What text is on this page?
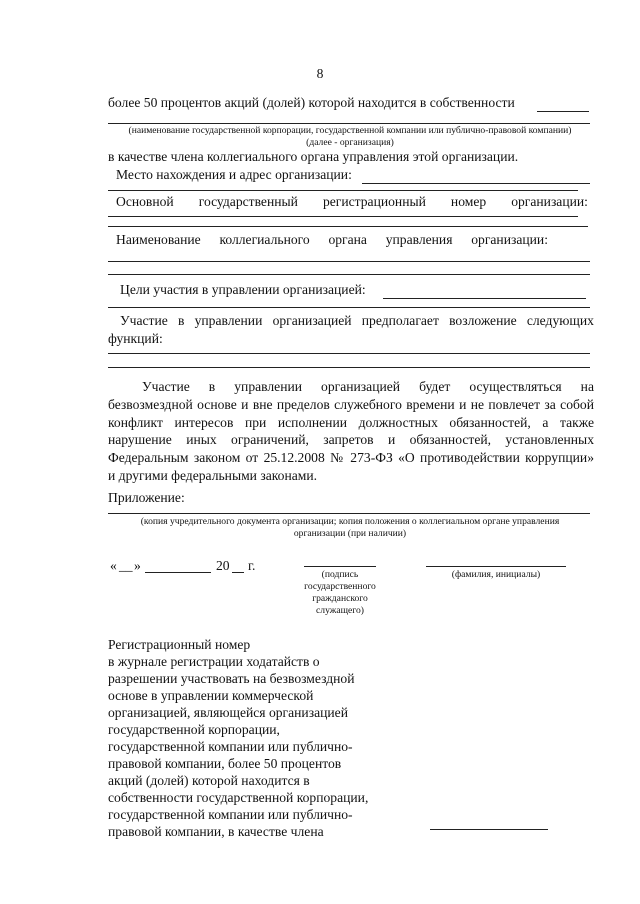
8
более 50 процентов акций (долей) которой находится в собственности
(наименование государственной корпорации, государственной компании или публично-правовой компании)
(далее - организация)
в качестве члена коллегиального органа управления этой организации.
Место нахождения и адрес организации:
Основной государственный регистрационный номер организации:
Наименование коллегиального органа управления организации:
Цели участия в управлении организацией:
Участие в управлении организацией предполагает возложение следующих
функций:
Участие в управлении организацией будет осуществляться на
безвозмездной основе и вне пределов служебного времени и не повлечет за собой
конфликт интересов при исполнении должностных обязанностей, а также
нарушение иных ограничений, запретов и обязанностей, установленных
Федеральным законом от 25.12.2008 № 273-ФЗ «О противодействии коррупции»
и другими федеральными законами.
Приложение:
(копия учредительного документа организации; копия положения о коллегиальном органе управления
организации (при наличии)
« __ »	20 г.
(подпись
государственного
гражданского
служащего)
(фамилия, инициалы)
Регистрационный номер
в журнале регистрации ходатайств о
разрешении участвовать на безвозмездной
основе в управлении коммерческой
организацией, являющейся организацией
государственной корпорации,
государственной компании или публично-
правовой компании, более 50 процентов
акций (долей) которой находится в
собственности государственной корпорации,
государственной компании или публично-
правовой компании, в качестве члена
